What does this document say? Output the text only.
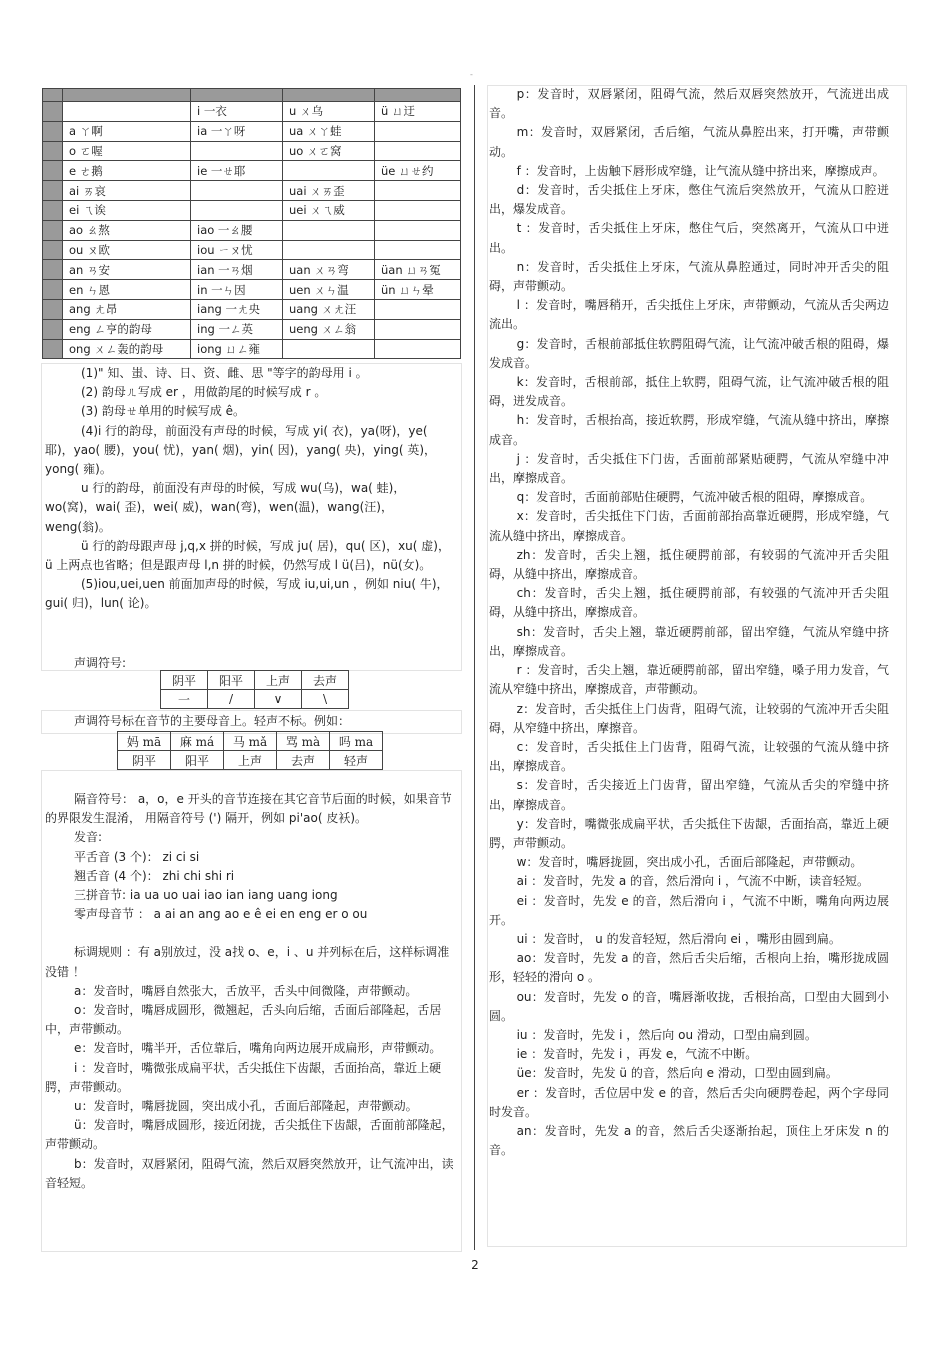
-

		i 一衣	u ㄨ乌	ü ㄩ迂
	a ㄚ啊	ia 一ㄚ呀	ua ㄨㄚ蛙	
	o ㄛ喔		uo ㄨㄛ窝	
	e ㄜ鹅	ie 一ㄝ耶		üe ㄩㄝ约
	ai ㄞ哀		uai ㄨㄞ歪	
	ei ㄟ诶		uei ㄨㄟ威	
	ao ㄠ熬	iao 一ㄠ腰		
	ou ㄡ欧	iou ㄧㄡ忧		
	an ㄢ安	ian 一ㄢ烟	uan ㄨㄢ弯	üan ㄩㄢ冤
	en ㄣ恩	in 一ㄣ因	uen ㄨㄣ温	ün ㄩㄣ晕
	ang ㄤ昂	iang 一ㄤ央	uang ㄨㄤ汪	
	eng ㄥ亨的韵母	ing 一ㄥ英	ueng ㄨㄥ翁	
	ong ㄨㄥ轰的韵母	iong ㄩㄥ雍		

(1)" 知、蚩、诗、日、资、雌、思 "等字的韵母用 i 。

(2) 韵母ㄦ写成 er ，用做韵尾的时候写成 r 。

(3) 韵母ㄝ单用的时候写成 ê。

(4)i 行的韵母，前面没有声母的时候，写成 yi( 衣)，ya(呀)，ye( 耶)，yao( 腰)，you( 忧)，yan( 烟)，yin( 因)，yang( 央)，ying( 英)，yong( 雍)。

u 行的韵母，前面没有声母的时候，写成 wu(乌)，wa( 蛙)，wo(窝)，wai( 歪)，wei( 威)，wan(弯)，wen(温)，wang(汪)，weng(翁)。

ü 行的韵母跟声母 j,q,x 拼的时候，写成 ju( 居)，qu( 区)，xu( 虚)，ü 上两点也省略；但是跟声母 l,n 拼的时候，仍然写成 l ü(吕)，nü(女)。

(5)iou,uei,uen 前面加声母的时候，写成 iu,ui,un ，例如 niu( 牛)，gui( 归)，lun( 论)。

声调符号:
阴平	阳平	上声	去声
一	/	∨	\
声调符号标在音节的主要母音上。轻声不标。例如：
妈 mā	麻 má	马 mǎ	骂 mà	吗 ma
阴平	阳平	上声	去声	轻声

隔音符号： a，o，e 开头的音节连接在其它音节后面的时候，如果音节的界限发生混淆， 用隔音符号 (') 隔开，例如 pi'ao( 皮袄)。

发音:

平舌音 (3 个)： zi ci si

翘舌音 (4 个)： zhi chi shi ri

三拼音节: ia ua uo uai iao ian iang uang iong

零声母音节 ： a ai an ang ao e ê ei en eng er o ou

标调规则 ：有 a别放过，没 a找 o、e，i 、u 并列标在后，这样标调准没错 ！

a：发音时，嘴唇自然张大，舌放平，舌头中间微隆，声带颤动。

o：发音时，嘴唇成圆形，微翘起，舌头向后缩，舌面后部隆起，舌居中，声带颤动。

e：发音时，嘴半开，舌位靠后，嘴角向两边展开成扁形，声带颤动。

i ：发音时，嘴微张成扁平状，舌尖抵住下齿龈，舌面抬高，靠近上硬腭，声带颤动。

u：发音时，嘴唇拢圆，突出成小孔，舌面后部隆起，声带颤动。

ü：发音时，嘴唇成圆形，接近闭拢，舌尖抵住下齿龈，舌面前部隆起，声带颤动。

b：发音时，双唇紧闭，阻碍气流，然后双唇突然放开，让气流冲出，读音轻短。

p：发音时，双唇紧闭，阻碍气流，然后双唇突然放开，气流迸出成音。

m：发音时，双唇紧闭，舌后缩，气流从鼻腔出来，打开嘴，声带颤动。

f ：发音时，上齿触下唇形成窄缝，让气流从缝中挤出来，摩擦成声。

d：发音时，舌尖抵住上牙床，憋住气流后突然放开，气流从口腔迸出，爆发成音。

t ：发音时，舌尖抵住上牙床，憋住气后，突然离开，气流从口中迸出。

n：发音时，舌尖抵住上牙床，气流从鼻腔通过，同时冲开舌尖的阻碍，声带颤动。

l ：发音时，嘴唇稍开，舌尖抵住上牙床，声带颤动，气流从舌尖两边流出。

g：发音时，舌根前部抵住软腭阻碍气流，让气流冲破舌根的阻碍，爆发成音。

k：发音时，舌根前部，抵住上软腭，阻碍气流，让气流冲破舌根的阻碍，迸发成音。

h：发音时，舌根抬高，接近软腭，形成窄缝，气流从缝中挤出，摩擦成音。

j ：发音时，舌尖抵住下门齿，舌面前部紧贴硬腭，气流从窄缝中冲出，摩擦成音。

q：发音时，舌面前部贴住硬腭，气流冲破舌根的阻碍，摩擦成音。

x：发音时，舌尖抵住下门齿，舌面前部抬高靠近硬腭，形成窄缝，气流从缝中挤出，摩擦成音。

zh：发音时，舌尖上翘，抵住硬腭前部，有较弱的气流冲开舌尖阻碍，从缝中挤出，摩擦成音。

ch：发音时，舌尖上翘，抵住硬腭前部，有较强的气流冲开舌尖阻碍，从缝中挤出，摩擦成音。

sh：发音时，舌尖上翘，靠近硬腭前部，留出窄缝，气流从窄缝中挤出，摩擦成音。

r ：发音时，舌尖上翘，靠近硬腭前部，留出窄缝，嗓子用力发音，气流从窄缝中挤出，摩擦成音，声带颤动。

z：发音时，舌尖抵住上门齿背，阻碍气流，让较弱的气流冲开舌尖阻碍，从窄缝中挤出，摩擦音。

c：发音时，舌尖抵住上门齿背，阻碍气流，让较强的气流从缝中挤出，摩擦成音。

s：发音时，舌尖接近上门齿背，留出窄缝，气流从舌尖的窄缝中挤出，摩擦成音。

y：发音时，嘴微张成扁平状，舌尖抵住下齿龈，舌面抬高，靠近上硬腭，声带颤动。

w：发音时，嘴唇拢圆，突出成小孔，舌面后部隆起，声带颤动。

ai ：发音时，先发 a 的音，然后滑向 i ，气流不中断，读音轻短。

ei ：发音时，先发 e 的音，然后滑向 i ，气流不中断，嘴角向两边展开。

ui ：发音时， u 的发音轻短，然后滑向 ei ，嘴形由圆到扁。

ao：发音时，先发 a 的音，然后舌尖后缩，舌根向上抬，嘴形拢成圆形，轻轻的滑向 o 。

ou：发音时，先发 o 的音，嘴唇渐收拢，舌根抬高，口型由大圆到小圆。

iu ：发音时，先发 i ，然后向 ou 滑动，口型由扁到圆。

ie ：发音时，先发 i ，再发 e，气流不中断。

üe：发音时，先发 ü 的音，然后向 e 滑动，口型由圆到扁。

er ：发音时，舌位居中发 e 的音，然后舌尖向硬腭卷起，两个字母同时发音。

an：发音时，先发 a 的音，然后舌尖逐渐抬起，顶住上牙床发 n 的音。

2
